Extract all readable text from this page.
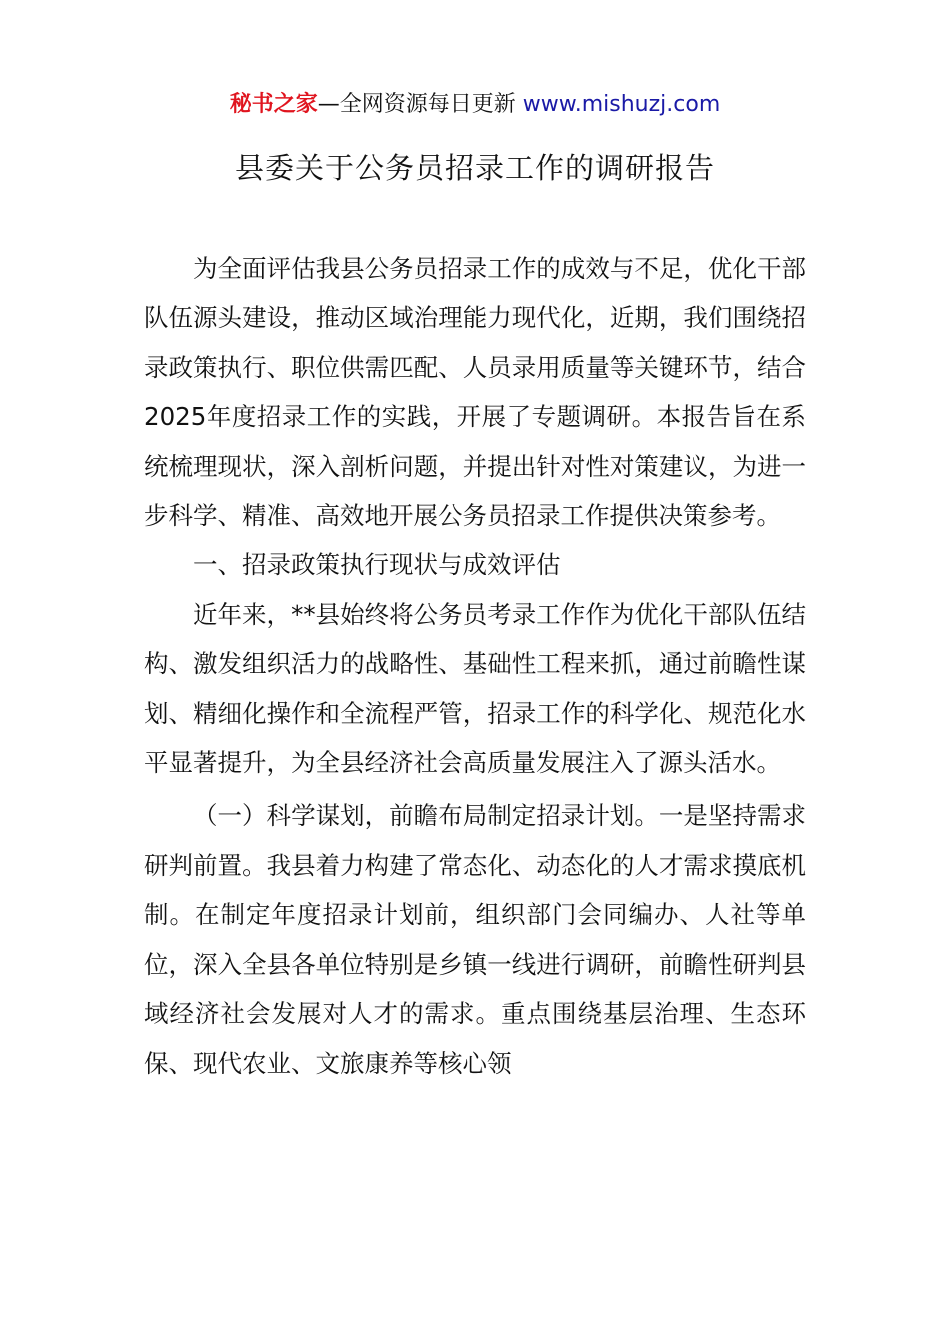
秘书之家—全网资源每日更新 www.mishuzj.com
县委关于公务员招录工作的调研报告

为全面评估我县公务员招录工作的成效与不足，优化干部队伍源头建设，推动区域治理能力现代化，近期，我们围绕招录政策执行、职位供需匹配、人员录用质量等关键环节，结合2025年度招录工作的实践，开展了专题调研。本报告旨在系统梳理现状，深入剖析问题，并提出针对性对策建议，为进一步科学、精准、高效地开展公务员招录工作提供决策参考。

一、招录政策执行现状与成效评估

近年来，**县始终将公务员考录工作作为优化干部队伍结构、激发组织活力的战略性、基础性工程来抓，通过前瞻性谋划、精细化操作和全流程严管，招录工作的科学化、规范化水平显著提升，为全县经济社会高质量发展注入了源头活水。

（一）科学谋划，前瞻布局制定招录计划。一是坚持需求研判前置。我县着力构建了常态化、动态化的人才需求摸底机制。在制定年度招录计划前，组织部门会同编办、人社等单位，深入全县各单位特别是乡镇一线进行调研，前瞻性研判县域经济社会发展对人才的需求。重点围绕基层治理、生态环保、现代农业、文旅康养等核心领
